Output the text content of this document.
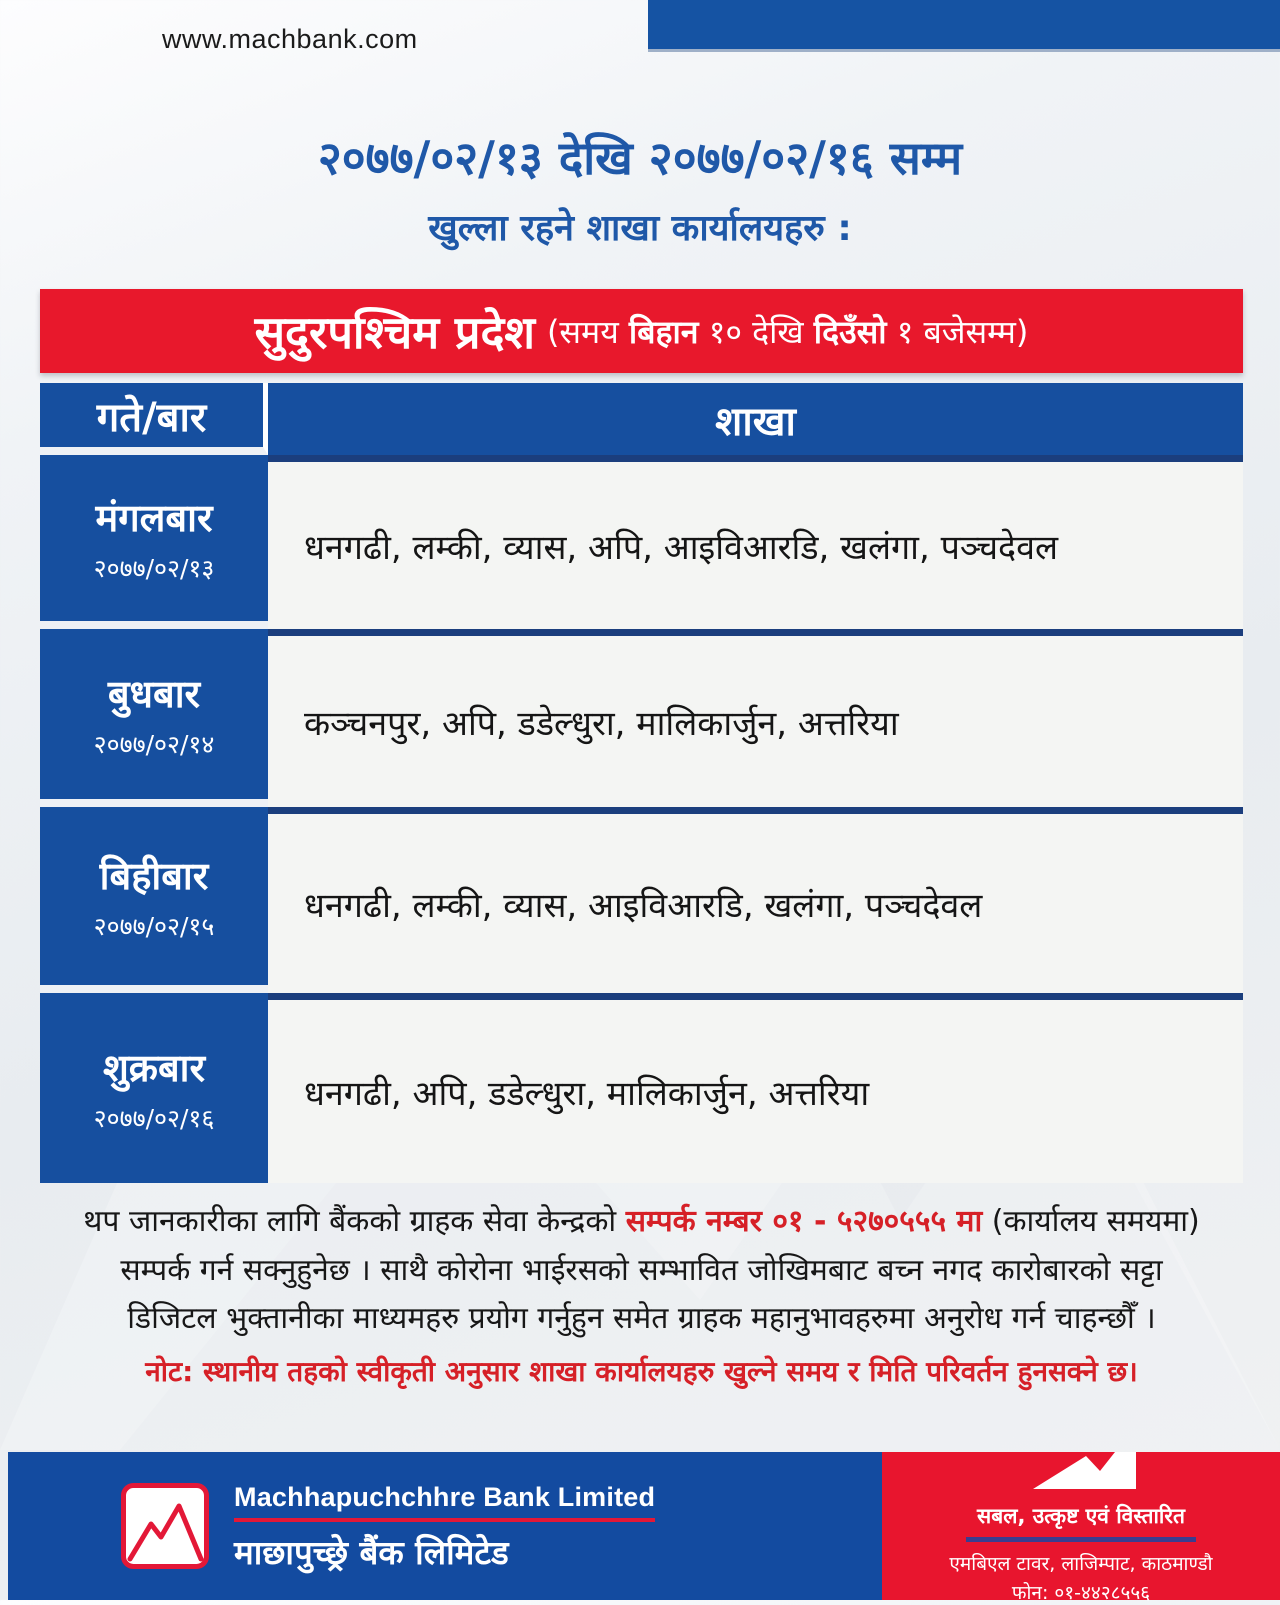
www.machbank.com
२०७७/०२/१३ देखि २०७७/०२/१६ सम्म
खुल्ला रहने शाखा कार्यालयहरु :
सुदुरपश्चिम प्रदेश (समय बिहान १० देखि दिउँसो १ बजेसम्म)
गते/बार	शाखा
मंगलबार
२०७७/०२/१३
धनगढी, लम्की, व्यास, अपि, आइविआरडि, खलंगा, पञ्चदेवल
बुधबार
२०७७/०२/१४
कञ्चनपुर, अपि, डडेल्धुरा, मालिकार्जुन, अत्तरिया
बिहीबार
२०७७/०२/१५
धनगढी, लम्की, व्यास, आइविआरडि, खलंगा, पञ्चदेवल
शुक्रबार
२०७७/०२/१६
धनगढी, अपि, डडेल्धुरा, मालिकार्जुन, अत्तरिया
थप जानकारीका लागि बैंकको ग्राहक सेवा केन्द्रको सम्पर्क नम्बर ०१ - ५२७०५५५ मा (कार्यालय समयमा)
सम्पर्क गर्न सक्नुहुनेछ । साथै कोरोना भाईरसको सम्भावित जोखिमबाट बच्न नगद कारोबारको सट्टा
डिजिटल भुक्तानीका माध्यमहरु प्रयोग गर्नुहुन समेत ग्राहक महानुभावहरुमा अनुरोध गर्न चाहन्छौँ ।
नोट: स्थानीय तहको स्वीकृती अनुसार शाखा कार्यालयहरु खुल्ने समय र मिति परिवर्तन हुनसक्ने छ।
Machhapuchchhre Bank Limited
माछापुच्छ्रे बैंक लिमिटेड
सबल, उत्कृष्ट एवं विस्तारित
एमबिएल टावर, लाजिम्पाट, काठमाण्डौ
फोन: ०१-४४२८५५६
